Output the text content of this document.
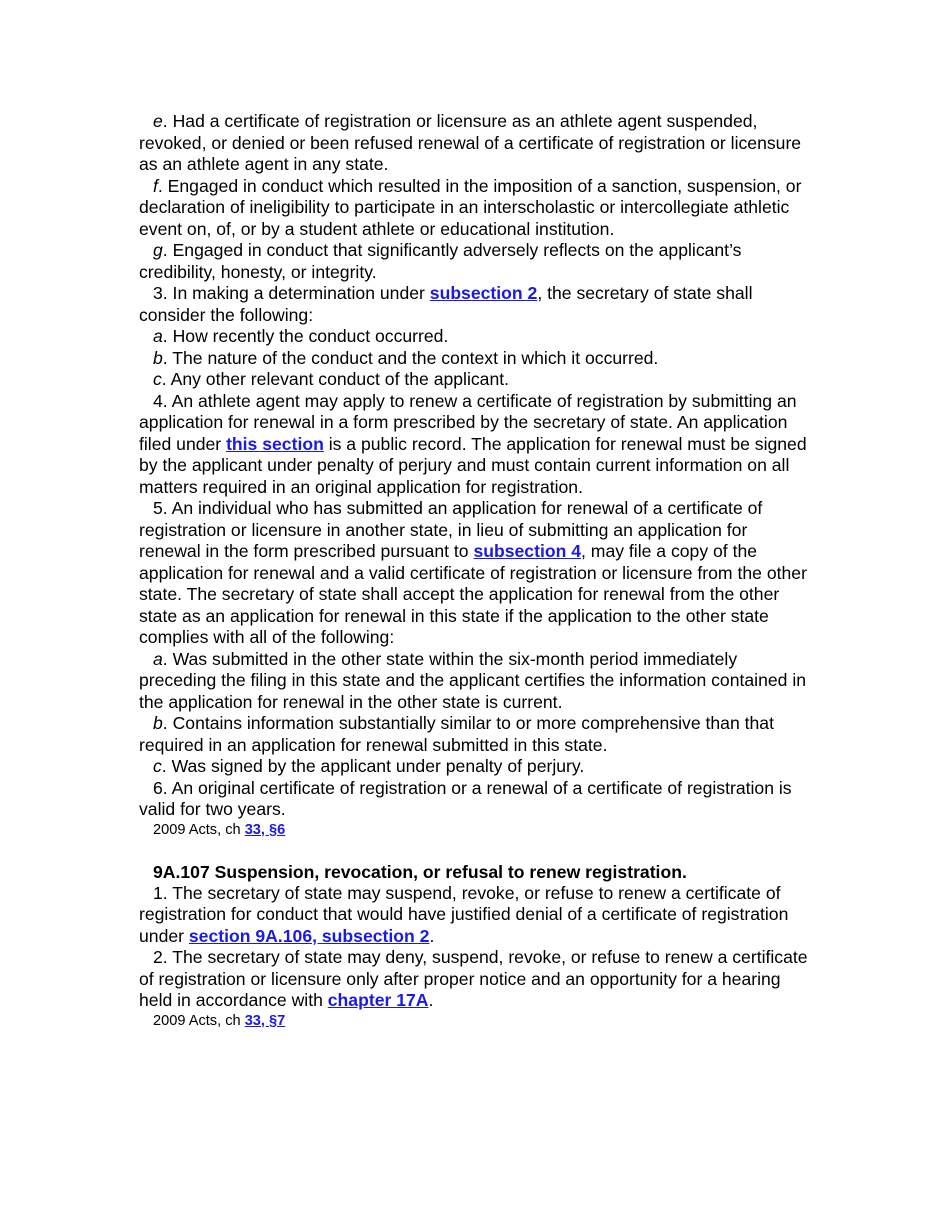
e. Had a certificate of registration or licensure as an athlete agent suspended, revoked, or denied or been refused renewal of a certificate of registration or licensure as an athlete agent in any state.

f. Engaged in conduct which resulted in the imposition of a sanction, suspension, or declaration of ineligibility to participate in an interscholastic or intercollegiate athletic event on, of, or by a student athlete or educational institution.

g. Engaged in conduct that significantly adversely reflects on the applicant’s credibility, honesty, or integrity.

3. In making a determination under subsection 2, the secretary of state shall consider the following:

a. How recently the conduct occurred.

b. The nature of the conduct and the context in which it occurred.

c. Any other relevant conduct of the applicant.

4. An athlete agent may apply to renew a certificate of registration by submitting an application for renewal in a form prescribed by the secretary of state. An application filed under this section is a public record. The application for renewal must be signed by the applicant under penalty of perjury and must contain current information on all matters required in an original application for registration.

5. An individual who has submitted an application for renewal of a certificate of registration or licensure in another state, in lieu of submitting an application for renewal in the form prescribed pursuant to subsection 4, may file a copy of the application for renewal and a valid certificate of registration or licensure from the other state. The secretary of state shall accept the application for renewal from the other state as an application for renewal in this state if the application to the other state complies with all of the following:

a. Was submitted in the other state within the six-month period immediately preceding the filing in this state and the applicant certifies the information contained in the application for renewal in the other state is current.

b. Contains information substantially similar to or more comprehensive than that required in an application for renewal submitted in this state.

c. Was signed by the applicant under penalty of perjury.

6. An original certificate of registration or a renewal of a certificate of registration is valid for two years.

2009 Acts, ch 33, §6

9A.107 Suspension, revocation, or refusal to renew registration.

1. The secretary of state may suspend, revoke, or refuse to renew a certificate of registration for conduct that would have justified denial of a certificate of registration under section 9A.106, subsection 2.

2. The secretary of state may deny, suspend, revoke, or refuse to renew a certificate of registration or licensure only after proper notice and an opportunity for a hearing held in accordance with chapter 17A.

2009 Acts, ch 33, §7
